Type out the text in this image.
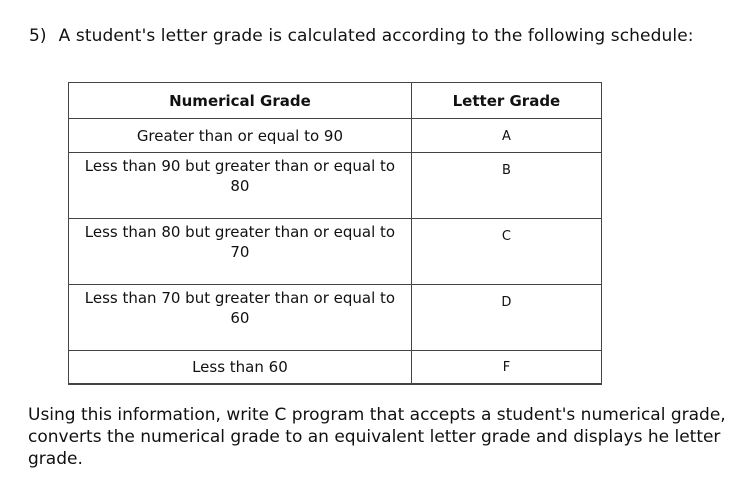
5) A student's letter grade is calculated according to the following schedule:
Numerical Grade	Letter Grade
Greater than or equal to 90	A
Less than 90 but greater than or equal to 80	B
Less than 80 but greater than or equal to 70	C
Less than 70 but greater than or equal to 60	D
Less than 60	F
Using this information, write C program that accepts a student's numerical grade, converts the numerical grade to an equivalent letter grade and displays he letter grade.
